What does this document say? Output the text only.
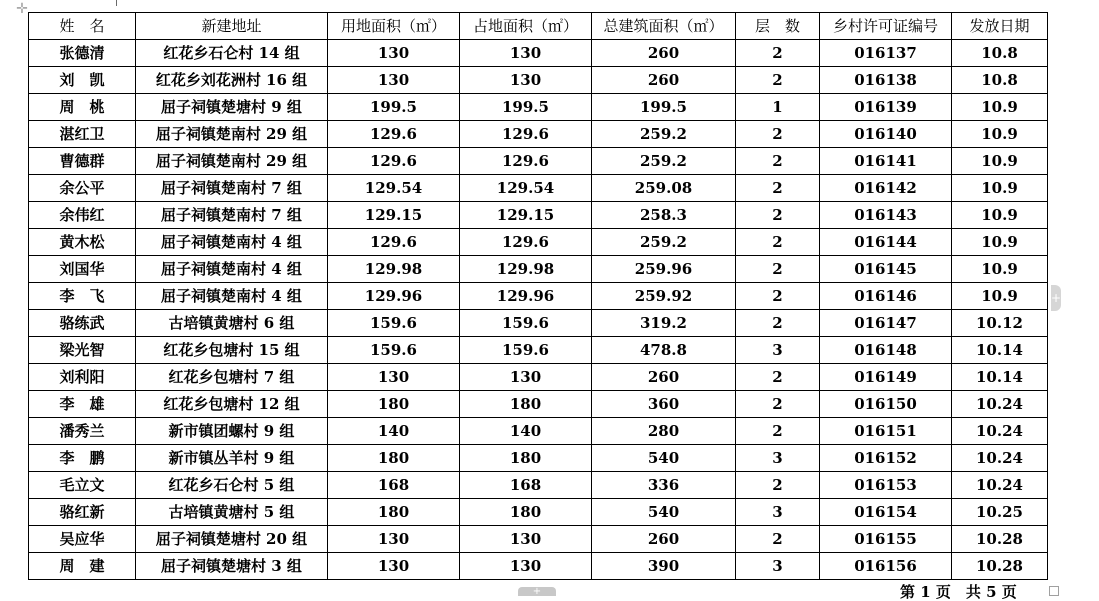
✛
姓　名	新建地址	用地面积（㎡）	占地面积（㎡）	总建筑面积（㎡）	层　数	乡村许可证编号	发放日期
张德清	红花乡石仑村 14 组	130	130	260	2	016137	10.8
刘　凯	红花乡刘花洲村 16 组	130	130	260	2	016138	10.8
周　桃	屈子祠镇楚塘村 9 组	199.5	199.5	199.5	1	016139	10.9
湛红卫	屈子祠镇楚南村 29 组	129.6	129.6	259.2	2	016140	10.9
曹德群	屈子祠镇楚南村 29 组	129.6	129.6	259.2	2	016141	10.9
余公平	屈子祠镇楚南村 7 组	129.54	129.54	259.08	2	016142	10.9
余伟红	屈子祠镇楚南村 7 组	129.15	129.15	258.3	2	016143	10.9
黄木松	屈子祠镇楚南村 4 组	129.6	129.6	259.2	2	016144	10.9
刘国华	屈子祠镇楚南村 4 组	129.98	129.98	259.96	2	016145	10.9
李　飞	屈子祠镇楚南村 4 组	129.96	129.96	259.92	2	016146	10.9
骆练武	古培镇黄塘村 6 组	159.6	159.6	319.2	2	016147	10.12
梁光智	红花乡包塘村 15 组	159.6	159.6	478.8	3	016148	10.14
刘利阳	红花乡包塘村 7 组	130	130	260	2	016149	10.14
李　雄	红花乡包塘村 12 组	180	180	360	2	016150	10.24
潘秀兰	新市镇团螺村 9 组	140	140	280	2	016151	10.24
李　鹏	新市镇丛羊村 9 组	180	180	540	3	016152	10.24
毛立文	红花乡石仑村 5 组	168	168	336	2	016153	10.24
骆红新	古培镇黄塘村 5 组	180	180	540	3	016154	10.25
吴应华	屈子祠镇楚塘村 20 组	130	130	260	2	016155	10.28
周　建	屈子祠镇楚塘村 3 组	130	130	390	3	016156	10.28
+
+	第 1 页　共 5 页
